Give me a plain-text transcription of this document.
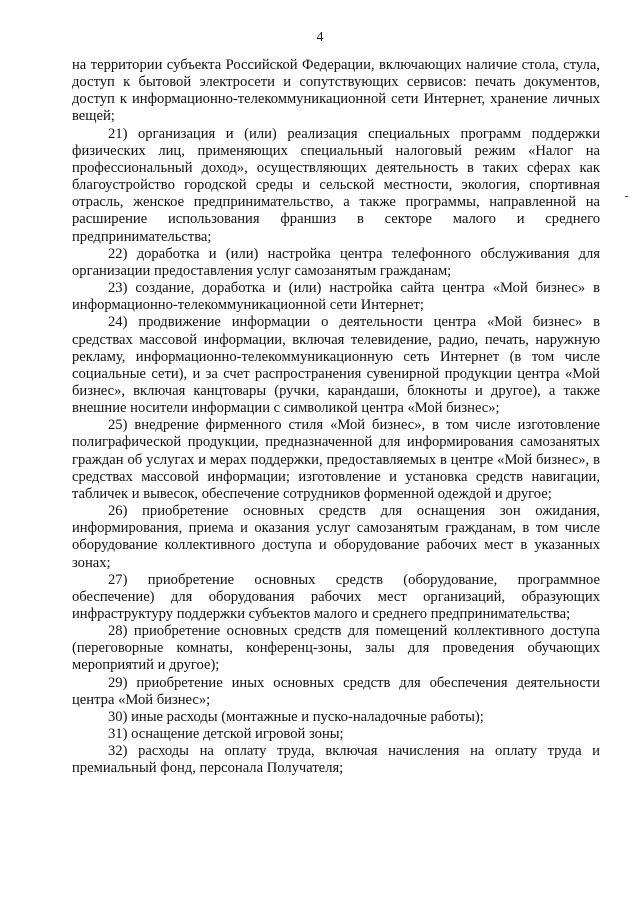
4

на территории субъекта Российской Федерации, включающих наличие стола, стула, доступ к бытовой электросети и сопутствующих сервисов: печать документов, доступ к информационно-телекоммуникационной сети Интернет, хранение личных вещей;

21) организация и (или) реализация специальных программ поддержки физических лиц, применяющих специальный налоговый режим «Налог на профессиональный доход», осуществляющих деятельность в таких сферах как благоустройство городской среды и сельской местности, экология, спортивная отрасль, женское предпринимательство, а также программы, направленной на расширение использования франшиз в секторе малого и среднего предпринимательства;

22) доработка и (или) настройка центра телефонного обслуживания для организации предоставления услуг самозанятым гражданам;

23) создание, доработка и (или) настройка сайта центра «Мой бизнес» в информационно-телекоммуникационной сети Интернет;

24) продвижение информации о деятельности центра «Мой бизнес» в средствах массовой информации, включая телевидение, радио, печать, наружную рекламу, информационно-телекоммуникационную сеть Интернет (в том числе социальные сети), и за счет распространения сувенирной продукции центра «Мой бизнес», включая канцтовары (ручки, карандаши, блокноты и другое), а также внешние носители информации с символикой центра «Мой бизнес»;

25) внедрение фирменного стиля «Мой бизнес», в том числе изготовление полиграфической продукции, предназначенной для информирования самозанятых граждан об услугах и мерах поддержки, предоставляемых в центре «Мой бизнес», в средствах массовой информации; изготовление и установка средств навигации, табличек и вывесок, обеспечение сотрудников форменной одеждой и другое;

26) приобретение основных средств для оснащения зон ожидания, информирования, приема и оказания услуг самозанятым гражданам, в том числе оборудование коллективного доступа и оборудование рабочих мест в указанных зонах;

27) приобретение основных средств (оборудование, программное обеспечение) для оборудования рабочих мест организаций, образующих инфраструктуру поддержки субъектов малого и среднего предпринимательства;

28) приобретение основных средств для помещений коллективного доступа (переговорные комнаты, конференц-зоны, залы для проведения обучающих мероприятий и другое);

29) приобретение иных основных средств для обеспечения деятельности центра «Мой бизнес»;

30) иные расходы (монтажные и пуско-наладочные работы);

31) оснащение детской игровой зоны;

32) расходы на оплату труда, включая начисления на оплату труда и премиальный фонд, персонала Получателя;
